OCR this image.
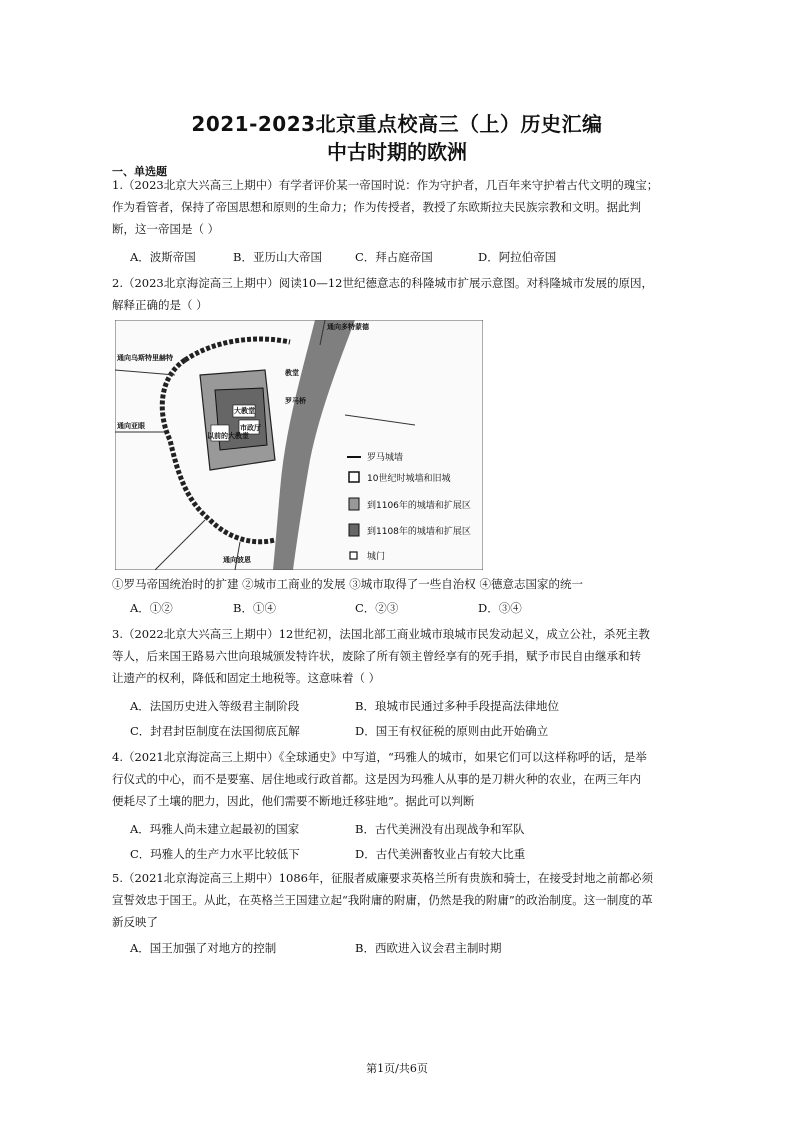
2021-2023北京重点校高三（上）历史汇编
中古时期的欧洲
一、单选题
1.（2023北京大兴高三上期中）有学者评价某一帝国时说：作为守护者，几百年来守护着古代文明的瑰宝；
作为看管者，保持了帝国思想和原则的生命力；作为传授者，教授了东欧斯拉夫民族宗教和文明。据此判
断，这一帝国是（ ）
A．波斯帝国	B．亚历山大帝国	C．拜占庭帝国	D．阿拉伯帝国
2.（2023北京海淀高三上期中）阅读10—12世纪德意志的科隆城市扩展示意图。对科隆城市发展的原因，
解释正确的是（ ）
通向多特蒙德
通向乌斯特里赫特
通向亚眼
通向波恩
大教堂
市政厅
以前的大教堂
罗马桥
教堂
罗马城墙
10世纪时城墙和旧城
到1106年的城墙和扩展区
到1108年的城墙和扩展区
城门
①罗马帝国统治时的扩建 ②城市工商业的发展 ③城市取得了一些自治权 ④德意志国家的统一
A．①②	B．①④	C．②③	D．③④
3.（2022北京大兴高三上期中）12世纪初，法国北部工商业城市琅城市民发动起义，成立公社，杀死主教
等人，后来国王路易六世向琅城颁发特许状，废除了所有领主曾经享有的死手捐，赋予市民自由继承和转
让遗产的权利，降低和固定土地税等。这意味着（ ）
A．法国历史进入等级君主制阶段	B．琅城市民通过多种手段提高法律地位
C．封君封臣制度在法国彻底瓦解	D．国王有权征税的原则由此开始确立
4.（2021北京海淀高三上期中）《全球通史》中写道，“玛雅人的城市，如果它们可以这样称呼的话，是举
行仪式的中心，而不是要塞、居住地或行政首都。这是因为玛雅人从事的是刀耕火种的农业，在两三年内
便耗尽了土壤的肥力，因此，他们需要不断地迁移驻地”。据此可以判断
A．玛雅人尚未建立起最初的国家	B．古代美洲没有出现战争和军队
C．玛雅人的生产力水平比较低下	D．古代美洲畜牧业占有较大比重
5.（2021北京海淀高三上期中）1086年，征服者威廉要求英格兰所有贵族和骑士，在接受封地之前都必须
宣誓效忠于国王。从此，在英格兰王国建立起“我附庸的附庸，仍然是我的附庸”的政治制度。这一制度的革
新反映了
A．国王加强了对地方的控制	B．西欧进入议会君主制时期
第1页/共6页
